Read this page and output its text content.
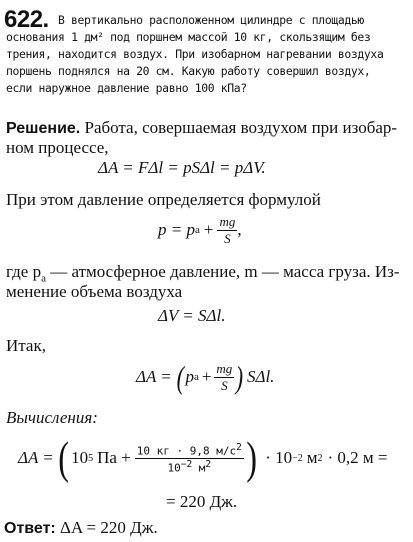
622. В вертикально расположенном цилиндре с площадью
основания 1 дм² под поршнем массой 10 кг, скользящим без
трения, находится воздух. При изобарном нагревании воздуха
поршень поднялся на 20 см. Какую работу совершил воздух,
если наружное давление равно 100 кПа?
Решение. Работа, совершаемая воздухом при изобар-
ном процессе,
ΔA = FΔl = pSΔl = pΔV.
При этом давление определяется формулой
p = p $а + \frac{mg}{S}$ ,
где $p_а$ — атмосферное давление, m — масса груза. Из-
менение объема воздуха
ΔV = SΔl.
Итак,
ΔA = ( p $а + \frac{mg}{S}$ ) SΔl.
Вычисления:
ΔA = ( 10 5 Па + $\frac{10 кг \cdot 9,8 м/с^2}{10^{-2} м^2}$ ) · 10 −2 м 2 · 0,2 м =
= 220 Дж.
Ответ: ΔA = 220 Дж.
